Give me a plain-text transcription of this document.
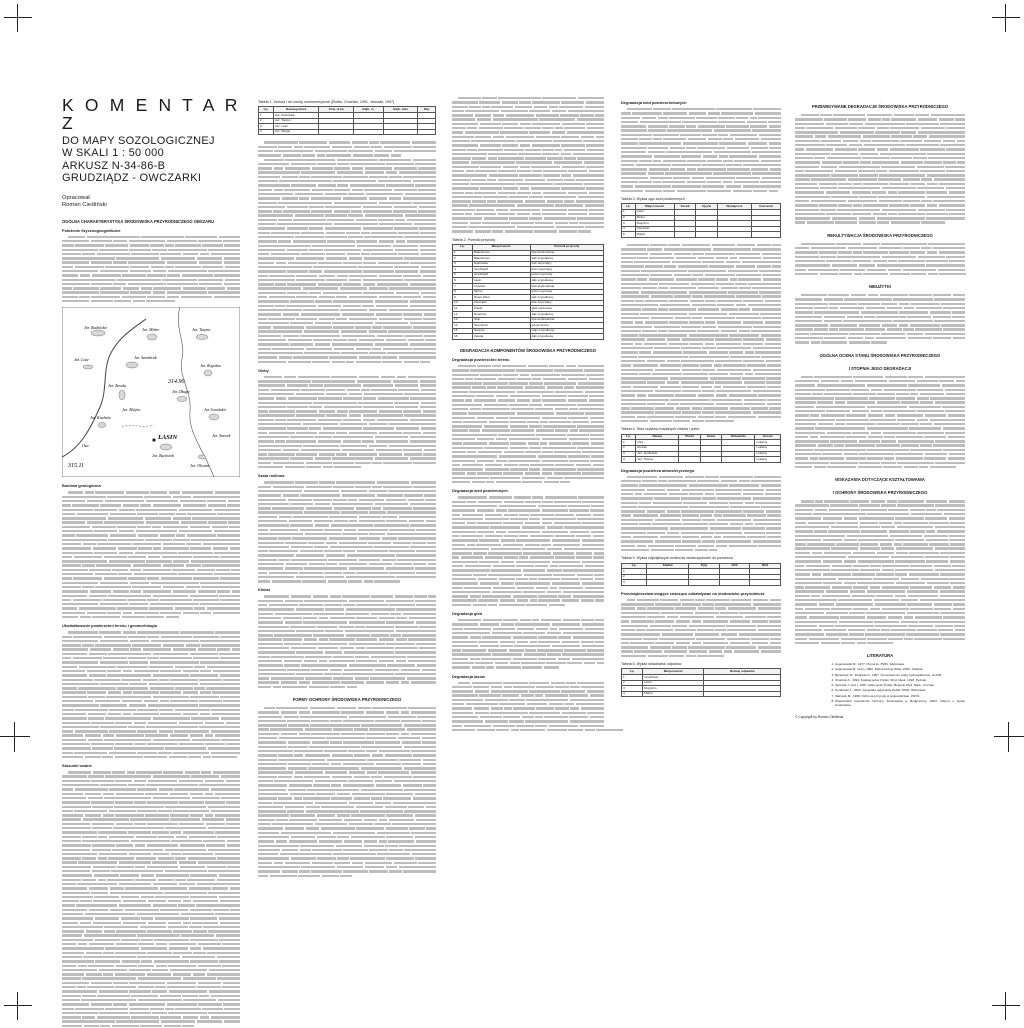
K O M E N T A R Z

DO MAPY SOZOLOGICZNEJ

W SKALI 1 : 50 000

ARKUSZ N-34-86-B

GRUDZIĄDZ - OWCZARKI

Opracował
Roman Cieśliński
OGÓLNA CHARAKTERYSTYKA ŚRODOWISKA PRZYRODNICZEGO OBSZARU
Położenie fizycznogeograficzne
Jez. Rudnickie	Jez. Mełno	Jez. Tarpno
Jez. Lisie	Jez. Szembruk
Jez. Rogóźno
Jez. Zawda
Jez. Długie
Jez. Kuchnia
Jez. Łasińskie
Jez. Bachotek
Jez. Okonin
Osa
LASIN
314.90
315.11
Jez. Zbójno
Jez. Stawek
Budowa geologiczna
Ukształtowanie powierzchni terenu i geomorfologia
Stosunki wodne
Tabela 1. Jeziora i ich cechy morfometryczne (Źródło: Choiński, 1991, Jańczak, 1997)
Lp.	Nazwa jeziora	Pow. w ha	Głęb. śr.	Głęb. max	Obj.
1	Jez. Rudnickie				
2	Jez. Tarpno				
3	Jez. Lisie				
4	Jez. Długie				
Gleby
Szata roślinna
Klimat
FORMY OCHRONY ŚRODOWISKA PRZYRODNICZEGO
Tabela 2. Pomniki przyrody
Lp.	Miejscowość	Pomnik przyrody
1	Białochowo	lipa drobnolistna
2	Białochowo	dąb szypułkowy
3	Dąbrówka	buk zwyczajny
4	Grudziądz	klon zwyczajny
5	Grudziądz	jesion wyniosły
6	Lasin	dąb szypułkowy
7	Lisnowo	lipa drobnolistna
8	Mełno	jesion wyniosły
9	Nowa Wieś	dąb szypułkowy
10	Owczarki	buk zwyczajny
11	Piaski	głaz narzutowy
12	Rogóźno	dąb szypułkowy
13	Słup	lipa drobnolistna
14	Szembruk	grupa drzew
15	Świecie	wiąz szypułkowy
16	Zawda	dąb szypułkowy
DEGRADACJA KOMPONENTÓW ŚRODOWISKA PRZYRODNICZEGO
Degradacja powierzchni terenu
Degradacja wód podziemnych
Degradacja gleb
Degradacja lasów
Degradacja wód powierzchniowych
Tabela 3. Wykaz ujęć wód podziemnych
Lp.	Miejscowość	Zasób	Ujęcie	Wydajność	Kierunek
1	Lasin				
2	Mełno				
3	Rogóźno				
4	Owczarki				
5	Piaski				
Tabela 4. Stan czystości badanych cieków i jezior
Lp.	Nazwa	Punkt	Klasa	Wskaźniki	Ocena
1	Osa				Lokalny
2	Rudnik				Lokalny
3	Jez. Rudnickie				Lokalny
4	Jez. Tarpno				Lokalny
Degradacja powietrza atmosferycznego
Tabela 5. Wykaz największych emitorów zanieczyszczeń do powietrza
Lp.	Zakład	Pyły	SO2	NO2
1				
2				
3				
Przedsiębiorstwa mogące znacząco oddziaływać na środowisko przyrodnicze
Tabela 6. Wykaz składowisk odpadów
Lp.	Miejscowość	Rodzaj odpadów
1	Grudziądz	
2	Lasin	
3	Rogóźno	
4	Mełno	
PRZEWIDYWANE DEGRADACJE ŚRODOWISKA PRZYRODNICZEGO
REKULTYWACJA ŚRODOWISKA PRZYRODNICZEGO
NIEUŻYTKI
OGÓLNA OCENA STANU ŚRODOWISKA PRZYRODNICZEGO
I STOPNIA JEGO DEGRADACJI
WSKAZANIA DOTYCZĄCE KSZTAŁTOWANIA
I OCHRONY ŚRODOWISKA PRZYRODNICZEGO
LITERATURA
1. Augustowski B., 1977, Pomorze. PWN, Warszawa.
2. Augustowski B. (red.), 1982, Dolina Dolnej Wisły. ZNiO, Gdańsk.
3. Banaszek W., Rudnicki A., 1997, Komentarz do mapy hydrograficznej. GUGiK.
4. Choiński A., 1991, Katalog jezior Polski. Wyd. Nauk. UAM, Poznań.
5. Jańczak J. (red.), 1997, Atlas jezior Polski. Bogucki Wyd. Nauk., Poznań.
6. Kondracki J., 2000, Geografia regionalna Polski. PWN, Warszawa.
7. Mazurek M., 1998, Ochrona przyrody w województwie. WIOŚ.
8. Wojewódzki Inspektorat Ochrony Środowiska w Bydgoszczy, 2003, Raport o stanie środowiska.
© Copyright by Roman Cieśliński
